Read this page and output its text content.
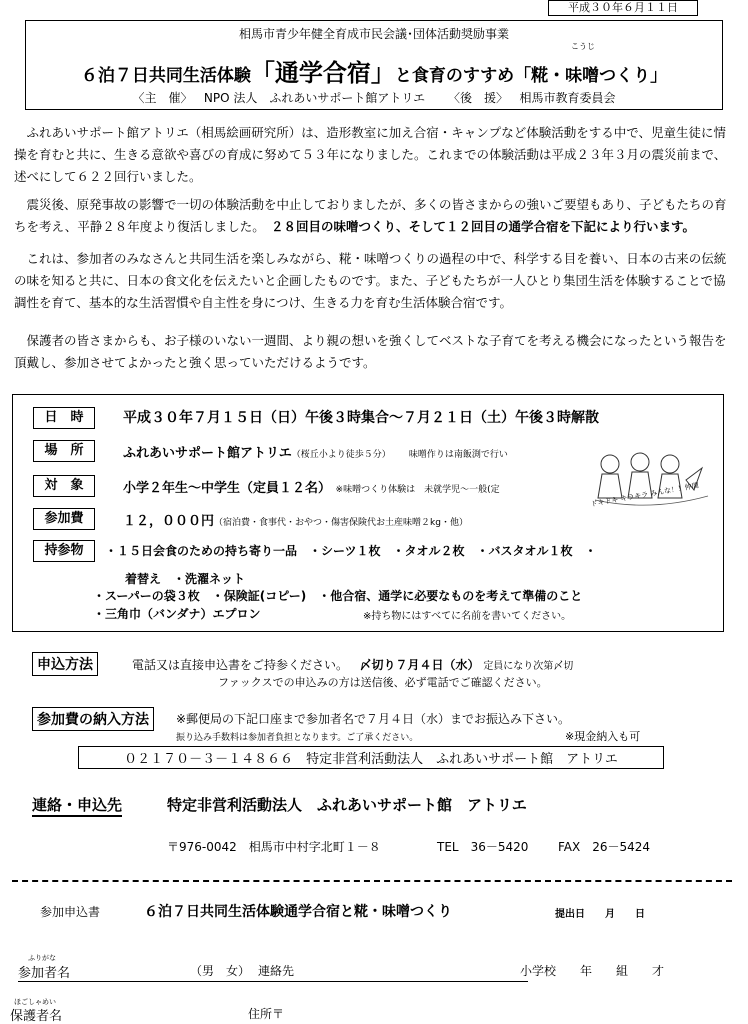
平成３０年６月１１日
相馬市青少年健全育成市民会議･団体活動奨励事業
こうじ
６泊７日共同生活体験「通学合宿」と食育のすすめ「糀・味噌つくり」
〈主　催〉 NPO 法人　ふれあいサポート館アトリエ 〈後　援〉 相馬市教育委員会
ふれあいサポート館アトリエ（相馬絵画研究所）は、造形教室に加え合宿・キャンプなど体験活動をする中で、児童生徒に情操を育むと共に、生きる意欲や喜びの育成に努めて５３年になりました。これまでの体験活動は平成２３年３月の震災前まで、述べにして６２２回行いました。
震災後、原発事故の影響で一切の体験活動を中止しておりましたが、多くの皆さまからの強いご要望もあり、子どもたちの育ちを考え、平静２８年度より復活しました。　 ２８回目の味噌つくり、そして１２回目の通学合宿を下記により行います。
これは、参加者のみなさんと共同生活を楽しみながら、糀・味噌つくりの過程の中で、科学する目を養い、日本の古来の伝統の味を知ると共に、日本の食文化を伝えたいと企画したものです。また、子どもたちが一人ひとり集団生活を体験することで協調性を育て、基本的な生活習慣や自主性を身につけ、生きる力を育む生活体験合宿です。
保護者の皆さまからも、お子様のいない一週間、より親の想いを強くしてベストな子育てを考える機会になったという報告を頂戴し、参加させてよかったと強く思っていただけるようです。
日　時	平成３０年７月１５日（日）午後３時集合～７月２１日（土）午後３時解散
場　所	ふれあいサポート館アトリエ（桜丘小より徒歩５分） 味噌作りは南飯渕で行い
対　象	小学２年生～中学生（定員１２名） ※味噌つくり体験は　未就学児～一般(定
参加費	１２，０００円（宿泊費・食事代・おやつ・傷害保険代お土産味噌２kg・他）
持参物	・１５日会食のための持ち寄り一品　・シーツ１枚　・タオル２枚　・バスタオル１枚　・
着替え　・洗濯ネット
・スーパーの袋３枚　・保険証(コピー)　・他合宿、通学に必要なものを考えて準備のこと
・三角巾（バンダナ）エプロン	※持ち物にはすべてに名前を書いてください。
ドキドキ キラキラ みんな！！仲間
申込方法	電話又は直接申込書をご持参ください。 〆切り７月４日（水） 定員になり次第〆切
ファックスでの申込みの方は送信後、必ず電話でご確認ください。
参加費の納入方法	※郵便局の下記口座まで参加者名で７月４日（水）までお振込み下さい。
振り込み手数料は参加者負担となります。ご了承ください。	※現金納入も可
０２１７０－３－１４８６６　特定非営利活動法人　ふれあいサポート館　アトリエ
連絡・申込先	特定非営利活動法人　ふれあいサポート館　アトリエ
〒976-0042　相馬市中村字北町１－８	TEL　36－5420 FAX　26－5424
参加申込書	６泊７日共同生活体験通学合宿と糀・味噌つくり	提出日　　月　　日
ふりがな
参加者名	（男　女） 連絡先	小学校　　年　　組　　才
ほごしゃめい
保護者名	住所〒
